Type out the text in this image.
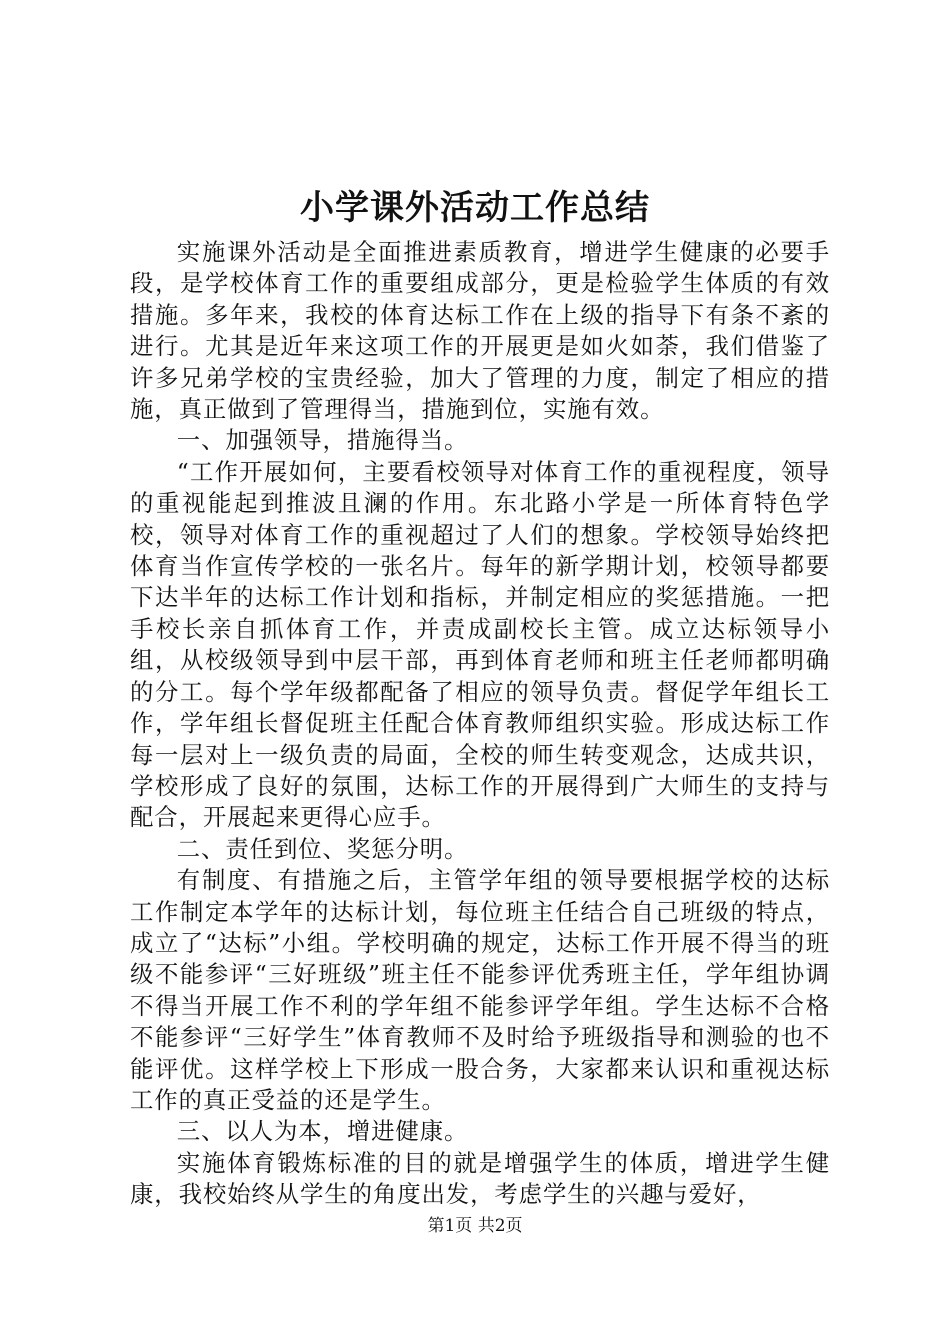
小学课外活动工作总结

实施课外活动是全面推进素质教育，增进学生健康的必要手段，是学校体育工作的重要组成部分，更是检验学生体质的有效措施。多年来，我校的体育达标工作在上级的指导下有条不紊的进行。尤其是近年来这项工作的开展更是如火如荼，我们借鉴了许多兄弟学校的宝贵经验，加大了管理的力度，制定了相应的措施，真正做到了管理得当，措施到位，实施有效。

一、加强领导，措施得当。

“工作开展如何，主要看校领导对体育工作的重视程度，领导的重视能起到推波且澜的作用。东北路小学是一所体育特色学校，领导对体育工作的重视超过了人们的想象。学校领导始终把体育当作宣传学校的一张名片。每年的新学期计划，校领导都要下达半年的达标工作计划和指标，并制定相应的奖惩措施。一把手校长亲自抓体育工作，并责成副校长主管。成立达标领导小组，从校级领导到中层干部，再到体育老师和班主任老师都明确的分工。每个学年级都配备了相应的领导负责。督促学年组长工作，学年组长督促班主任配合体育教师组织实验。形成达标工作每一层对上一级负责的局面，全校的师生转变观念，达成共识，学校形成了良好的氛围，达标工作的开展得到广大师生的支持与配合，开展起来更得心应手。

二、责任到位、奖惩分明。

有制度、有措施之后，主管学年组的领导要根据学校的达标工作制定本学年的达标计划，每位班主任结合自己班级的特点，成立了“达标”小组。学校明确的规定，达标工作开展不得当的班级不能参评“三好班级”班主任不能参评优秀班主任，学年组协调不得当开展工作不利的学年组不能参评学年组。学生达标不合格不能参评“三好学生”体育教师不及时给予班级指导和测验的也不能评优。这样学校上下形成一股合务，大家都来认识和重视达标工作的真正受益的还是学生。

三、以人为本，增进健康。

实施体育锻炼标准的目的就是增强学生的体质，增进学生健康，我校始终从学生的角度出发，考虑学生的兴趣与爱好，

第1页 共2页
